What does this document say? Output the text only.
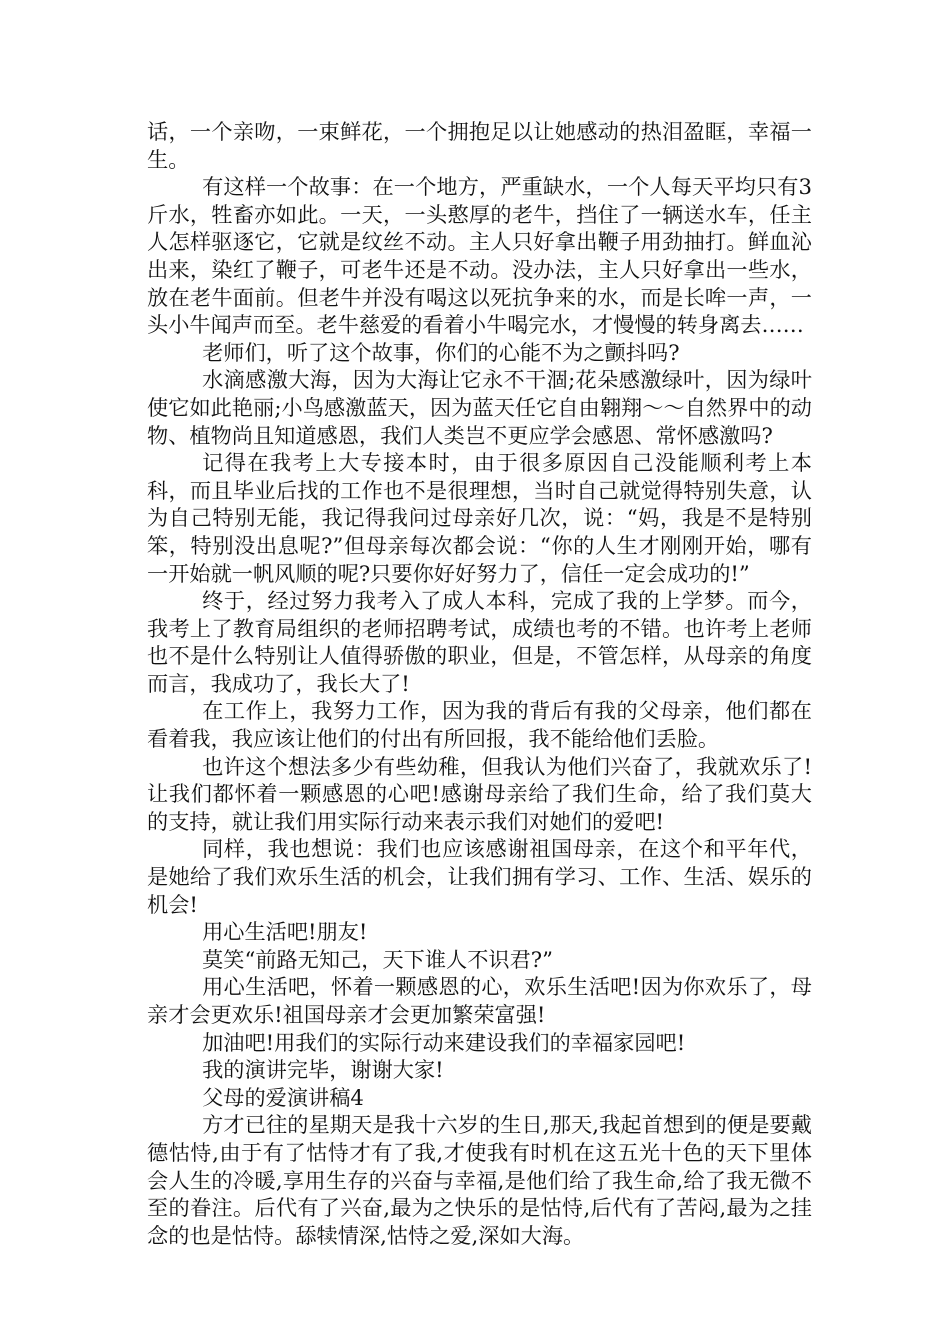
话，一个亲吻，一束鲜花，一个拥抱足以让她感动的热泪盈眶，幸福一生。

有这样一个故事：在一个地方，严重缺水，一个人每天平均只有3斤水，牲畜亦如此。一天，一头憨厚的老牛，挡住了一辆送水车，任主人怎样驱逐它，它就是纹丝不动。主人只好拿出鞭子用劲抽打。鲜血沁出来，染红了鞭子，可老牛还是不动。没办法，主人只好拿出一些水，放在老牛面前。但老牛并没有喝这以死抗争来的水，而是长哞一声，一头小牛闻声而至。老牛慈爱的看着小牛喝完水，才慢慢的转身离去……

老师们，听了这个故事，你们的心能不为之颤抖吗?

水滴感激大海，因为大海让它永不干涸;花朵感激绿叶，因为绿叶使它如此艳丽;小鸟感激蓝天，因为蓝天任它自由翱翔～～自然界中的动物、植物尚且知道感恩，我们人类岂不更应学会感恩、常怀感激吗?

记得在我考上大专接本时，由于很多原因自己没能顺利考上本科，而且毕业后找的工作也不是很理想，当时自己就觉得特别失意，认为自己特别无能，我记得我问过母亲好几次，说：“妈，我是不是特别笨，特别没出息呢?”但母亲每次都会说：“你的人生才刚刚开始，哪有一开始就一帆风顺的呢?只要你好好努力了，信任一定会成功的!”

终于，经过努力我考入了成人本科，完成了我的上学梦。而今，我考上了教育局组织的老师招聘考试，成绩也考的不错。也许考上老师也不是什么特别让人值得骄傲的职业，但是，不管怎样，从母亲的角度而言，我成功了，我长大了!

在工作上，我努力工作，因为我的背后有我的父母亲，他们都在看着我，我应该让他们的付出有所回报，我不能给他们丢脸。

也许这个想法多少有些幼稚，但我认为他们兴奋了，我就欢乐了!让我们都怀着一颗感恩的心吧!感谢母亲给了我们生命，给了我们莫大的支持，就让我们用实际行动来表示我们对她们的爱吧!

同样，我也想说：我们也应该感谢祖国母亲，在这个和平年代，是她给了我们欢乐生活的机会，让我们拥有学习、工作、生活、娱乐的机会!

用心生活吧!朋友!

莫笑“前路无知己，天下谁人不识君?”

用心生活吧，怀着一颗感恩的心，欢乐生活吧!因为你欢乐了，母亲才会更欢乐!祖国母亲才会更加繁荣富强!

加油吧!用我们的实际行动来建设我们的幸福家园吧!

我的演讲完毕，谢谢大家!

父母的爱演讲稿4

方才已往的星期天是我十六岁的生日,那天,我起首想到的便是要戴德怙恃,由于有了怙恃才有了我,才使我有时机在这五光十色的天下里体会人生的冷暖,享用生存的兴奋与幸福,是他们给了我生命,给了我无微不至的眷注。后代有了兴奋,最为之快乐的是怙恃,后代有了苦闷,最为之挂念的也是怙恃。舔犊情深,怙恃之爱,深如大海。
